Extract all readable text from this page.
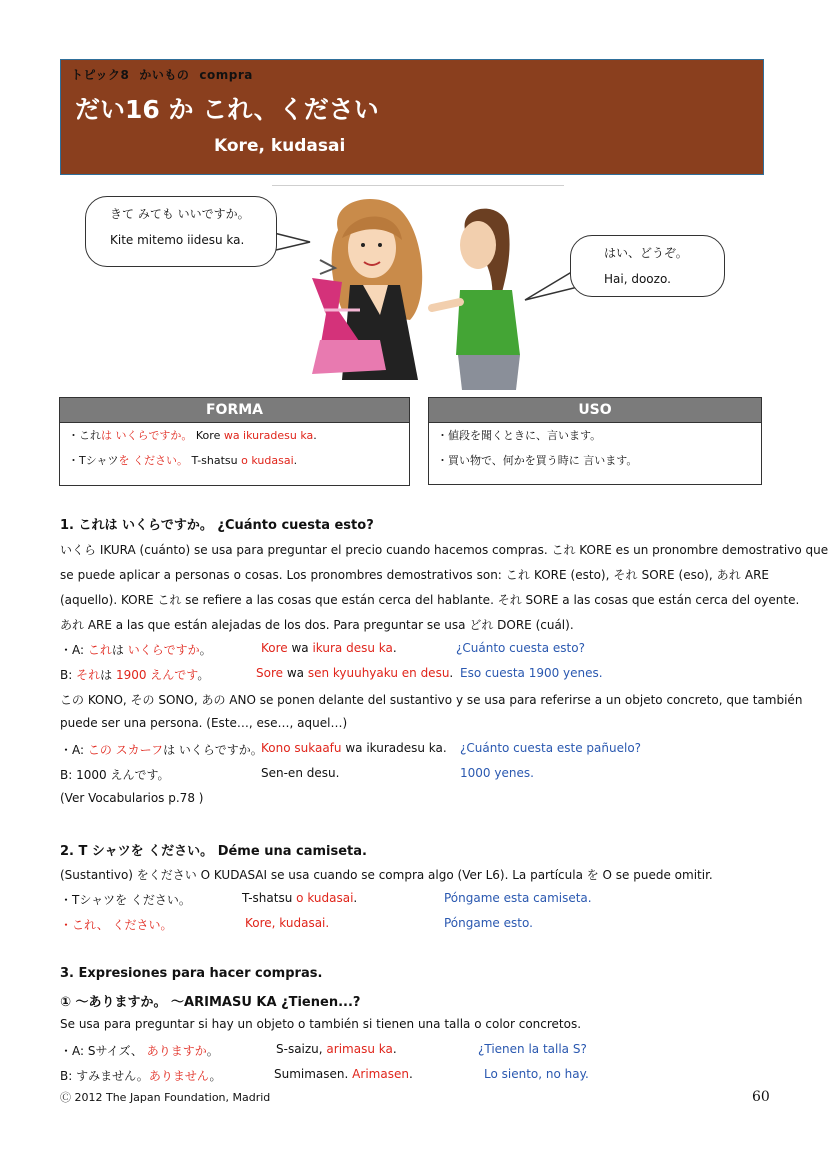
トピック8 かいもの compra
だい16 か これ、ください
Kore, kudasai
きて みても いいですか。
Kite mitemo iidesu ka.
はい、どうぞ。
Hai, doozo.
FORMA
・これは いくらですか。 Kore wa ikuradesu ka.
・Tシャツを ください。 T-shatsu o kudasai.
USO
・値段を聞くときに、言います。
・買い物で、何かを買う時に 言います。
1. これは いくらですか。 ¿Cuánto cuesta esto?
いくら IKURA (cuánto) se usa para preguntar el precio cuando hacemos compras. これ KORE es un pronombre demostrativo que
se puede aplicar a personas o cosas. Los pronombres demostrativos son: これ KORE (esto), それ SORE (eso), あれ ARE
(aquello). KORE これ se refiere a las cosas que están cerca del hablante. それ SORE a las cosas que están cerca del oyente.
あれ ARE a las que están alejadas de los dos. Para preguntar se usa どれ DORE (cuál).
・A: これは いくらですか。	Kore wa ikura desu ka.	¿Cuánto cuesta esto?
B: それは 1900 えんです。	Sore wa sen kyuuhyaku en desu. Eso cuesta 1900 yenes.
この KONO, その SONO, あの ANO se ponen delante del sustantivo y se usa para referirse a un objeto concreto, que también
puede ser una persona. (Este…, ese…, aquel…)
・A: この スカーフは いくらですか。
Kono sukaafu wa ikuradesu ka. ¿Cuánto cuesta este pañuelo?
B: 1000 えんです。	Sen-en desu.	1000 yenes.
(Ver Vocabularios p.78 )
2. T シャツを ください。 Déme una camiseta.
(Sustantivo) をください O KUDASAI se usa cuando se compra algo (Ver L6). La partícula を O se puede omitir.
・Tシャツを ください。	T-shatsu o kudasai.	Póngame esta camiseta.
・これ、 ください。	Kore, kudasai.	Póngame esto.
3. Expresiones para hacer compras.
① ～ありますか。 ～ARIMASU KA ¿Tienen...?
Se usa para preguntar si hay un objeto o también si tienen una talla o color concretos.
・A: Sサイズ、 ありますか。	S-saizu, arimasu ka.	¿Tienen la talla S?
B: すみません。ありません。	Sumimasen. Arimasen.	Lo siento, no hay.
Ⓒ 2012 The Japan Foundation, Madrid	60
